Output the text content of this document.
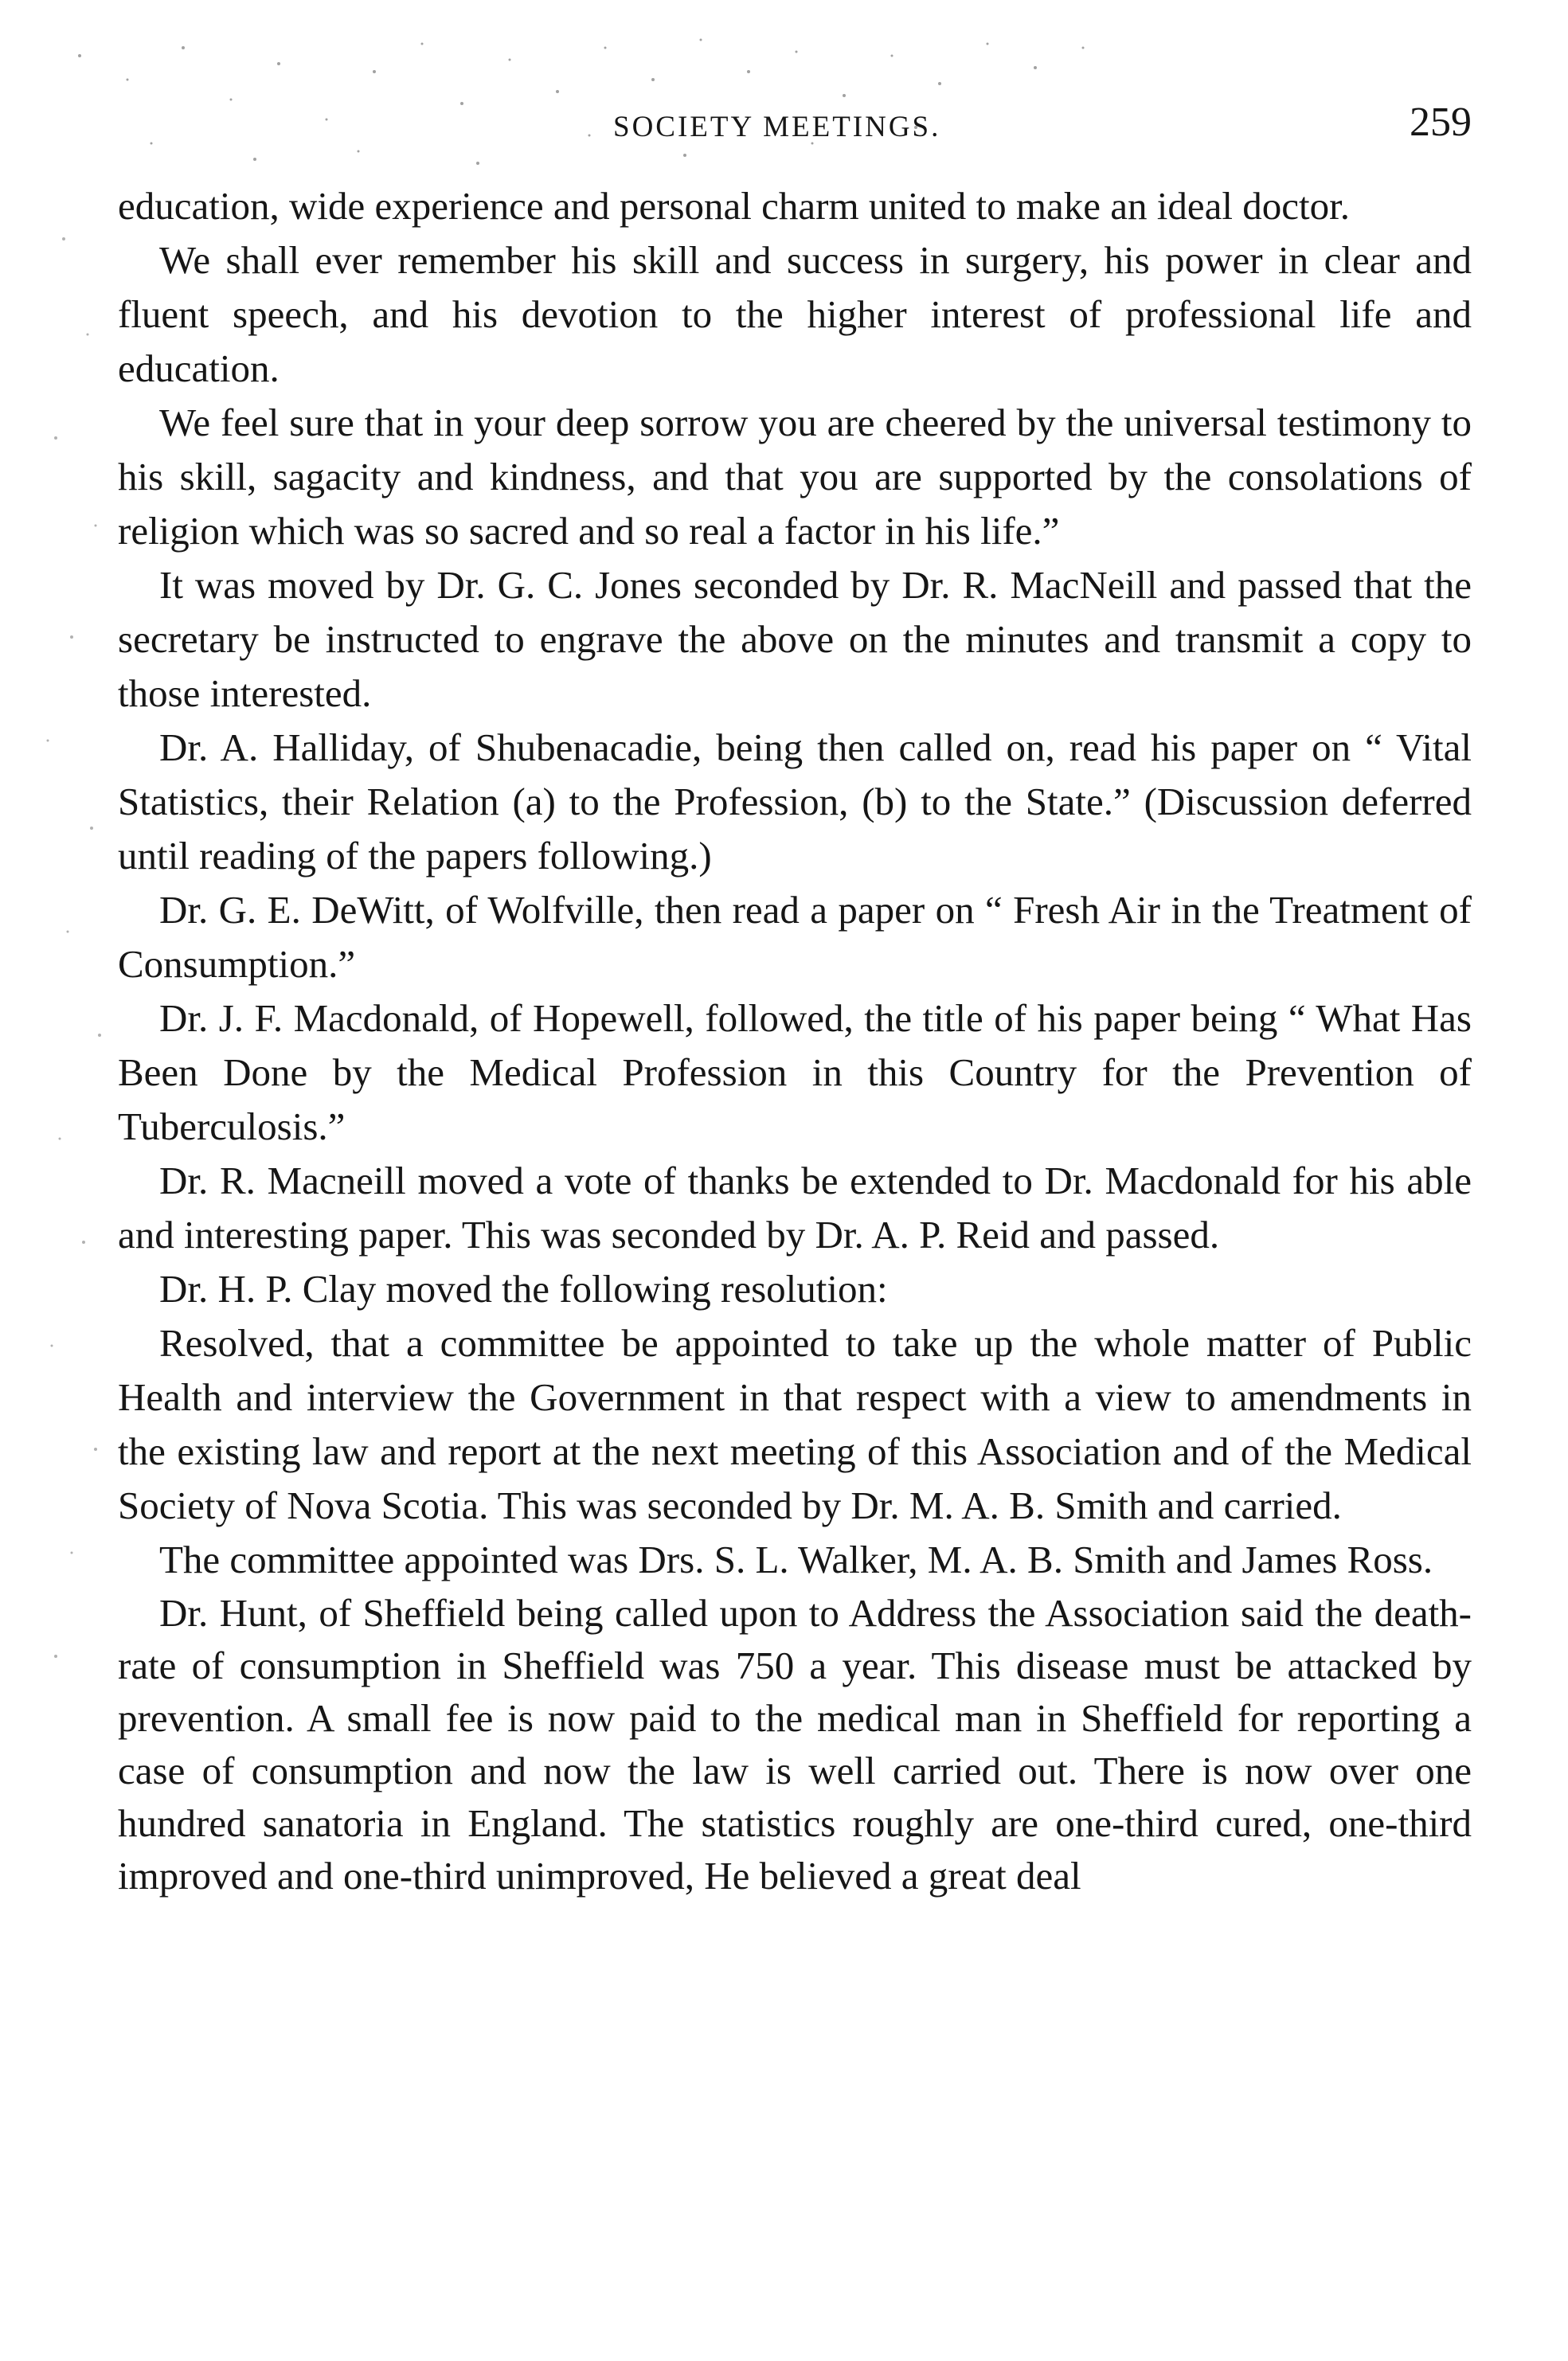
SOCIETY MEETINGS.	259

education, wide experience and personal charm united to make an ideal doctor.

We shall ever remember his skill and success in surgery, his power in clear and fluent speech, and his devotion to the higher interest of professional life and education.

We feel sure that in your deep sorrow you are cheered by the universal testimony to his skill, sagacity and kindness, and that you are supported by the consolations of religion which was so sacred and so real a factor in his life.”

It was moved by Dr. G. C. Jones seconded by Dr. R. MacNeill and passed that the secretary be instructed to engrave the above on the minutes and transmit a copy to those interested.

Dr. A. Halliday, of Shubenacadie, being then called on, read his paper on “ Vital Statistics, their Relation (a) to the Profession, (b) to the State.” (Discussion deferred until reading of the papers following.)

Dr. G. E. DeWitt, of Wolfville, then read a paper on “ Fresh Air in the Treatment of Consumption.”

Dr. J. F. Macdonald, of Hopewell, followed, the title of his paper being “ What Has Been Done by the Medical Profession in this Country for the Prevention of Tuberculosis.”

Dr. R. Macneill moved a vote of thanks be extended to Dr. Macdonald for his able and interesting paper. This was seconded by Dr. A. P. Reid and passed.

Dr. H. P. Clay moved the following resolution:

Resolved, that a committee be appointed to take up the whole matter of Public Health and interview the Government in that respect with a view to amendments in the existing law and report at the next meeting of this Association and of the Medical Society of Nova Scotia. This was seconded by Dr. M. A. B. Smith and carried.

The committee appointed was Drs. S. L. Walker, M. A. B. Smith and James Ross.

Dr. Hunt, of Sheffield being called upon to Address the Association said the death-rate of consumption in Sheffield was 750 a year. This disease must be attacked by prevention. A small fee is now paid to the medical man in Sheffield for reporting a case of consumption and now the law is well carried out. There is now over one hundred sanatoria in England. The statistics roughly are one-third cured, one-third improved and one-third unimproved, He believed a great deal
